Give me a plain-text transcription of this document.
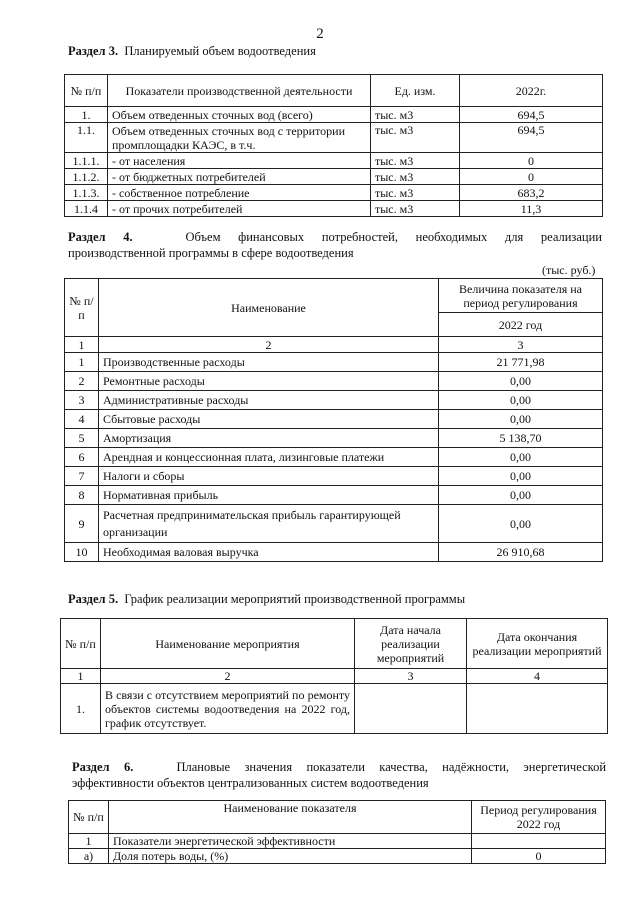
2
Раздел 3. Планируемый объем водоотведения
№ п/п	Показатели производственной деятельности	Ед. изм.	2022г.
1.	Объем отведенных сточных вод (всего)	тыс. м3	694,5
1.1.	Объем отведенных сточных вод с территории промплощадки КАЭС, в т.ч.	тыс. м3	694,5
1.1.1.	- от населения	тыс. м3	0
1.1.2.	- от бюджетных потребителей	тыс. м3	0
1.1.3.	- собственное потребление	тыс. м3	683,2
1.1.4	- от прочих потребителей	тыс. м3	11,3
Раздел 4.	Объем финансовых потребностей, необходимых для реализации
производственной программы в сфере водоотведения
(тыс. руб.)
№ п/п	Наименование	Величина показателя на период регулирования
		2022 год
1	2	3
1	Производственные расходы	21 771,98
2	Ремонтные расходы	0,00
3	Административные расходы	0,00
4	Сбытовые расходы	0,00
5	Амортизация	5 138,70
6	Арендная и концессионная плата, лизинговые платежи	0,00
7	Налоги и сборы	0,00
8	Нормативная прибыль	0,00
9	Расчетная предпринимательская прибыль гарантирующей организации	0,00
10	Необходимая валовая выручка	26 910,68
Раздел 5. График реализации мероприятий производственной программы
№ п/п	Наименование мероприятия	Дата начала реализации мероприятий	Дата окончания реализации мероприятий
1	2	3	4
1.	В связи с отсутствием мероприятий по ремонту объектов системы водоотведения на 2022 год, график отсутствует.		
Раздел 6.	Плановые значения показатели качества, надёжности, энергетической
эффективности объектов централизованных систем водоотведения
№ п/п	Наименование показателя	Период регулирования 2022 год
1	Показатели энергетической эффективности	
а)	Доля потерь воды, (%)	0
